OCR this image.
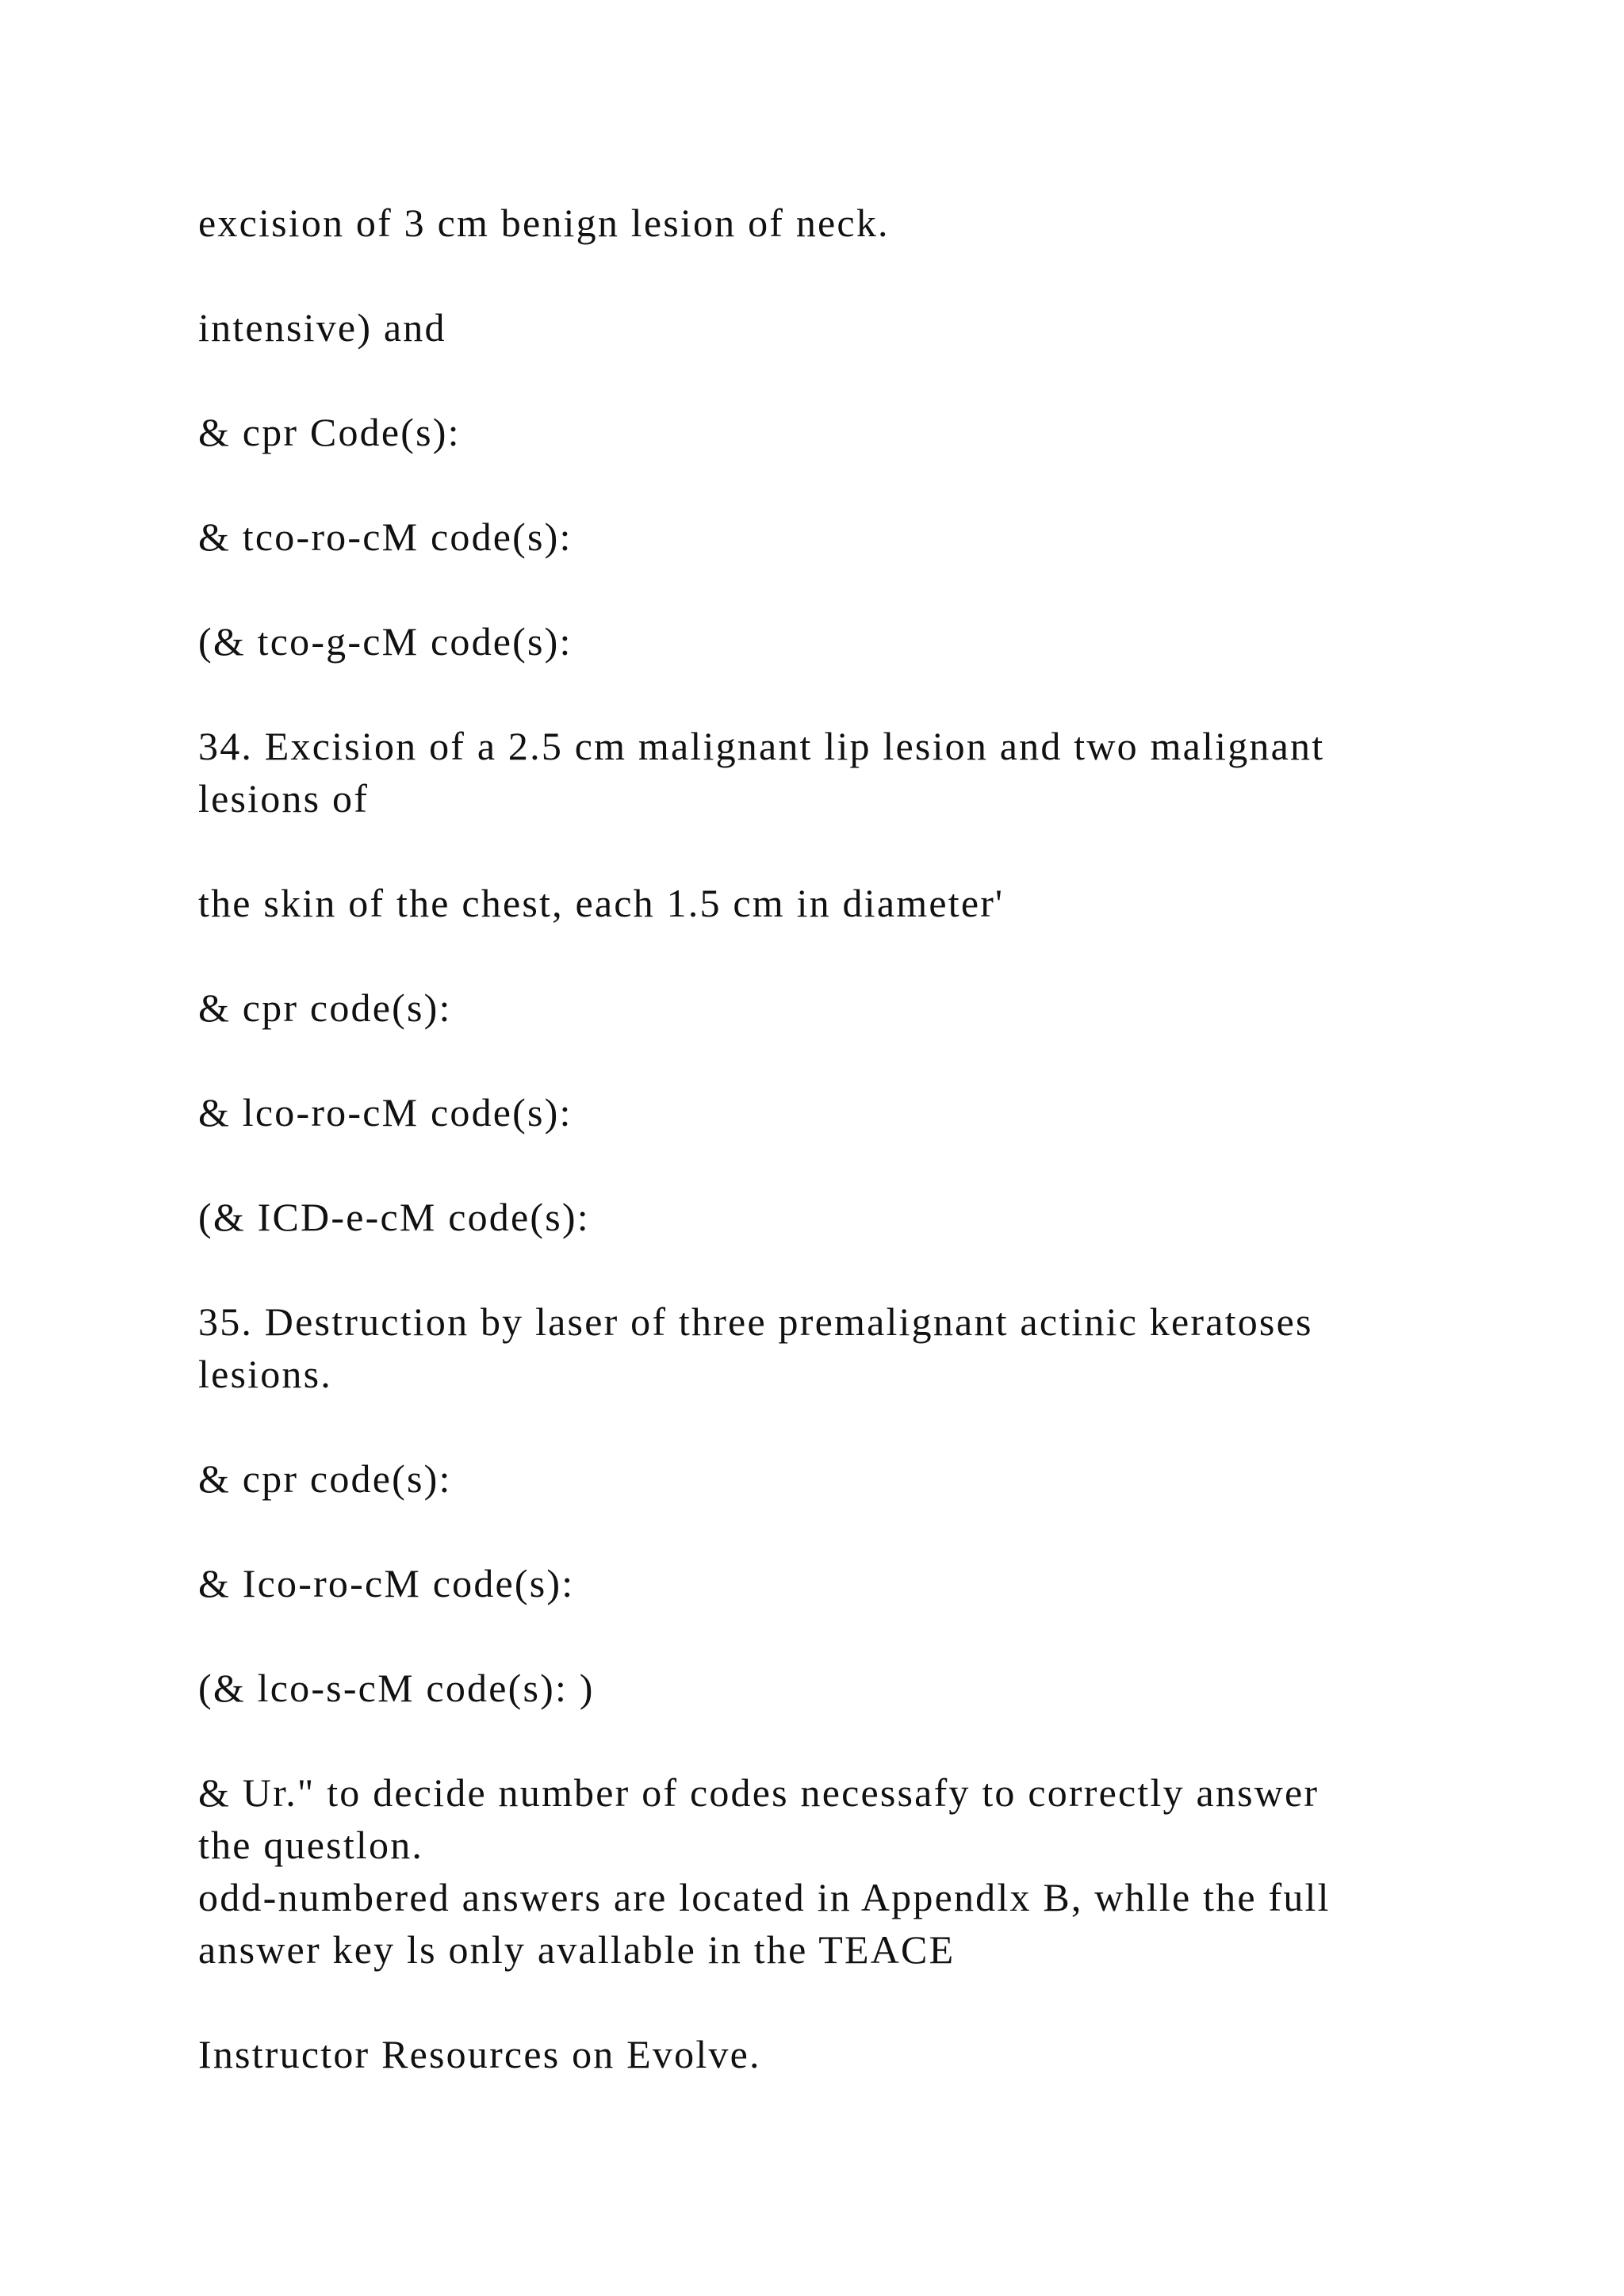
excision of 3 cm benign lesion of neck.

intensive) and

& cpr Code(s):

& tco-ro-cM code(s):

(& tco-g-cM code(s):

34. Excision of a 2.5 cm malignant lip lesion and two malignant

lesions of

the skin of the chest, each 1.5 cm in diameter'

& cpr code(s):

& lco-ro-cM code(s):

(& ICD-e-cM code(s):

35. Destruction by laser of three premalignant actinic keratoses

lesions.

& cpr code(s):

& Ico-ro-cM code(s):

(& lco-s-cM code(s): )

& Ur." to decide number of codes necessafy to correctly answer

the questlon.

odd-numbered answers are located in Appendlx B, whlle the full

answer key ls only avallable in the TEACE

Instructor Resources on Evolve.
